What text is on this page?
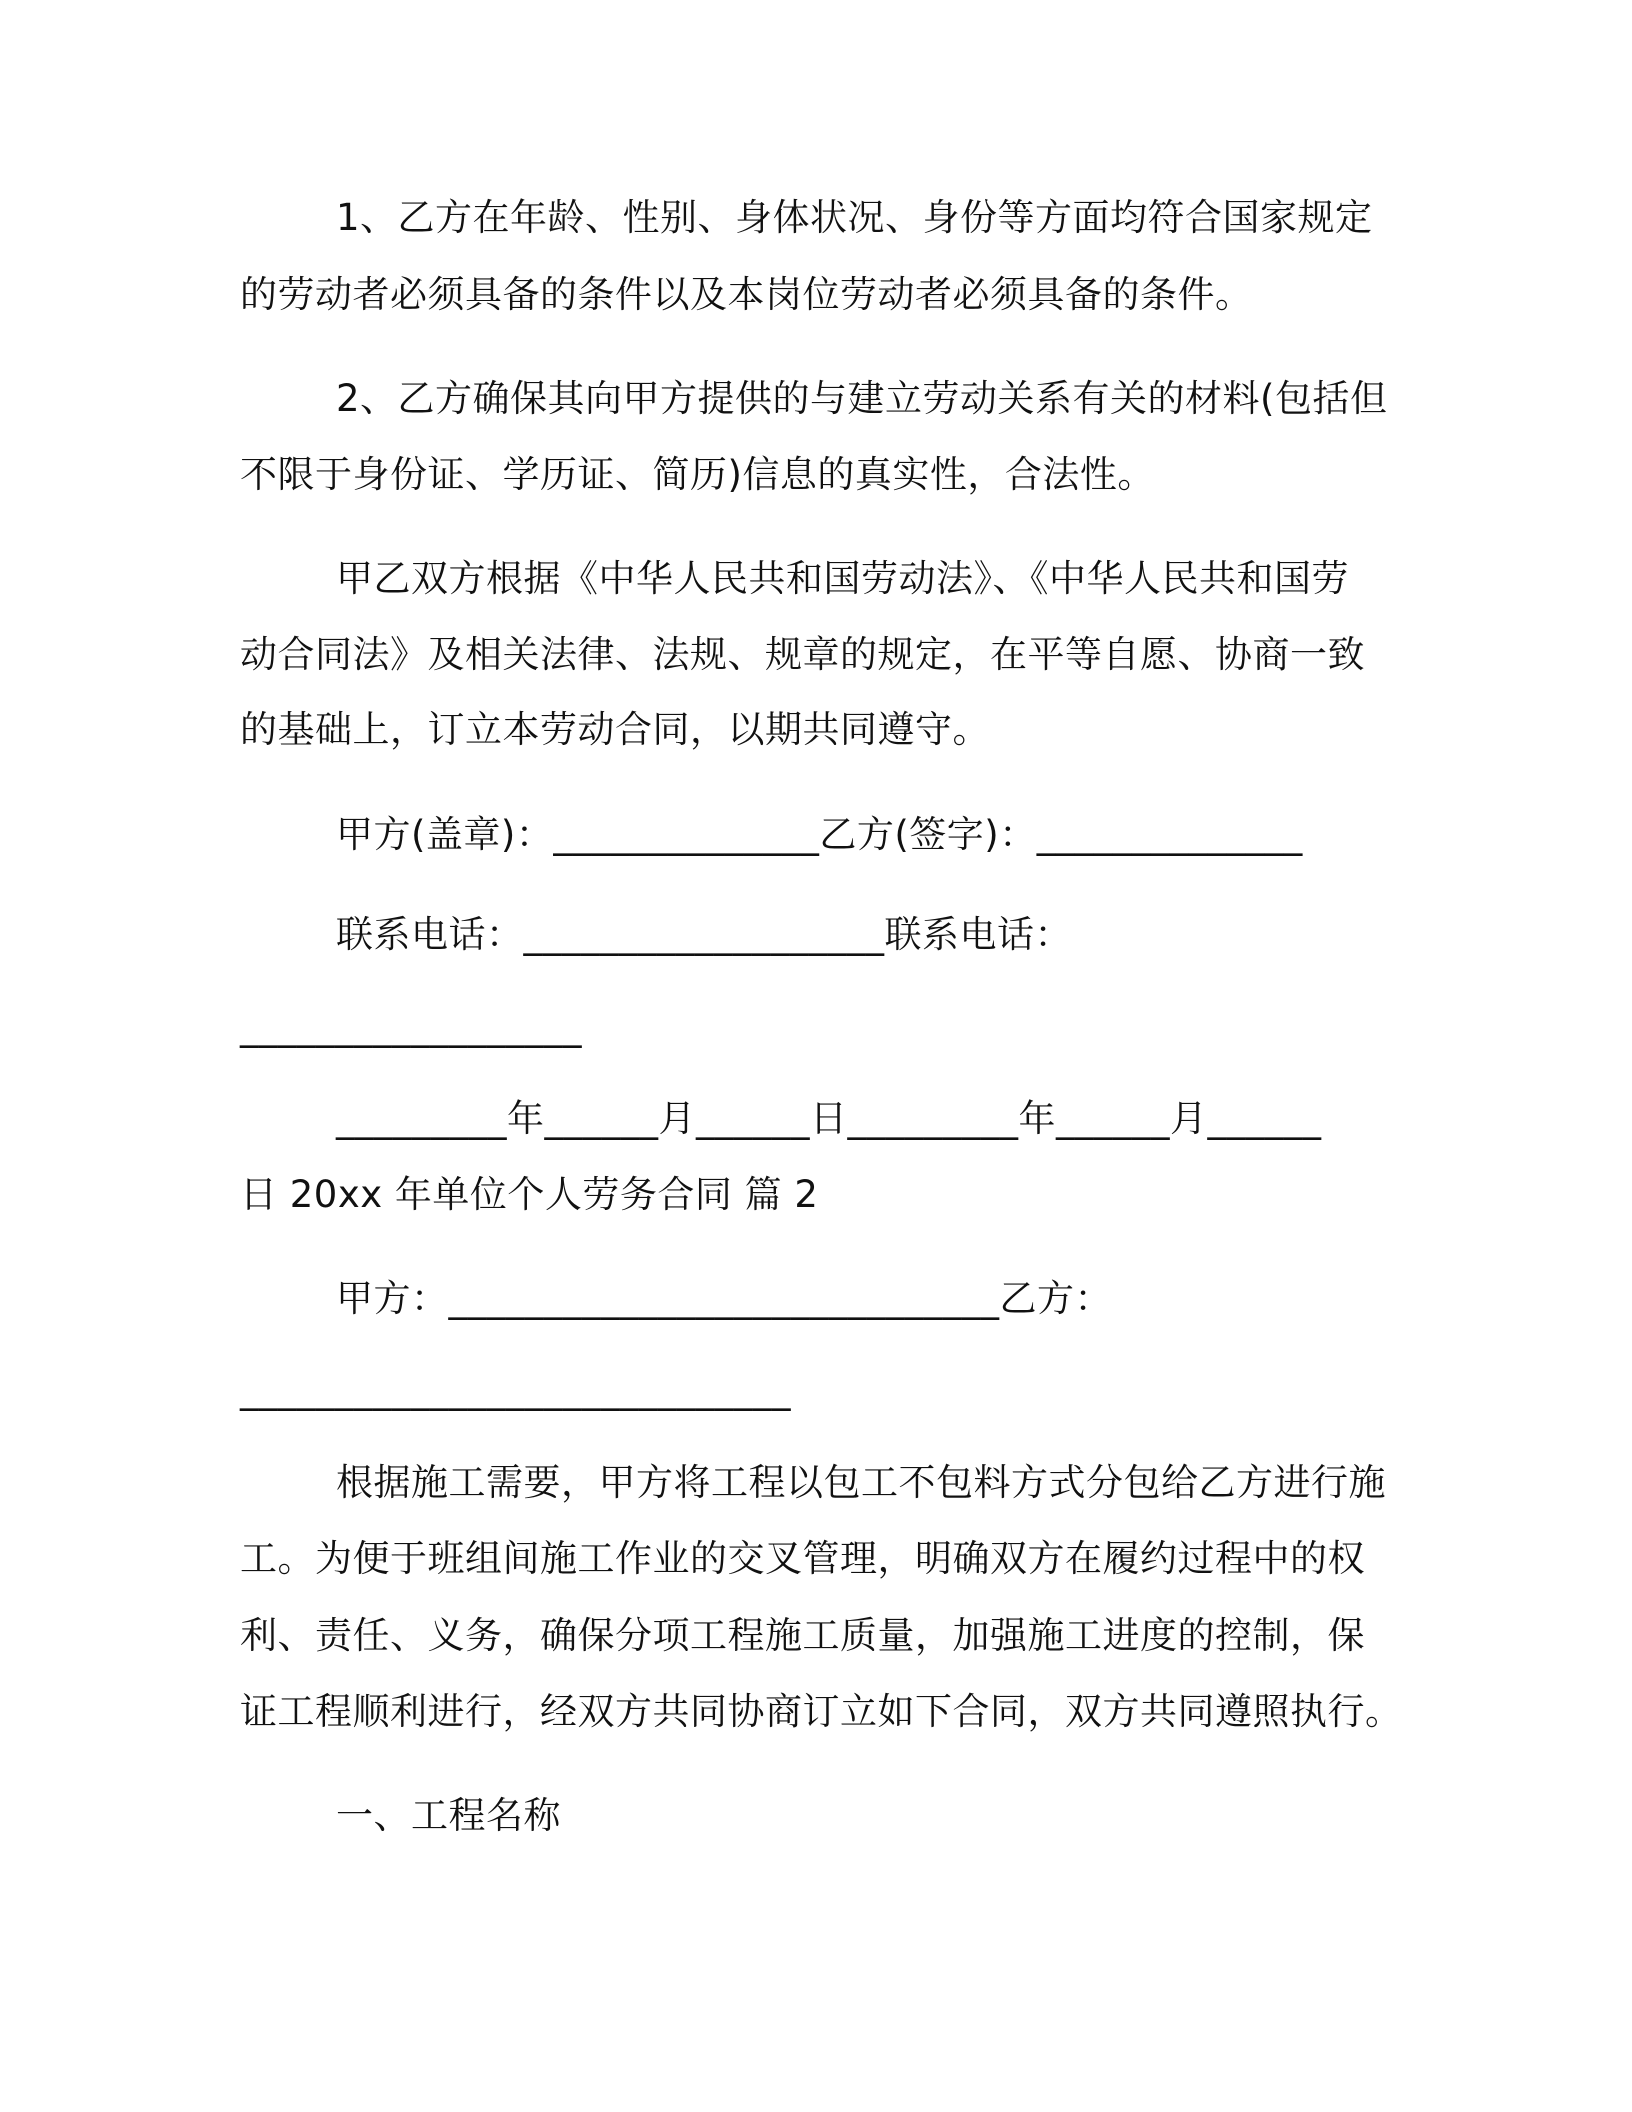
1、乙方在年龄、性别、身体状况、身份等方面均符合国家规定
的劳动者必须具备的条件以及本岗位劳动者必须具备的条件。
2、乙方确保其向甲方提供的与建立劳动关系有关的材料(包括但
不限于身份证、学历证、简历)信息的真实性，合法性。
甲乙双方根据《中华人民共和国劳动法》、《中华人民共和国劳
动合同法》及相关法律、法规、规章的规定，在平等自愿、协商一致
的基础上，订立本劳动合同，以期共同遵守。
甲方(盖章)：______________乙方(签字)：______________
联系电话：___________________联系电话：
__________________
_________年______月______日_________年______月______
日 20xx 年单位个人劳务合同 篇 2
甲方：_____________________________乙方：
_____________________________
根据施工需要，甲方将工程以包工不包料方式分包给乙方进行施
工。为便于班组间施工作业的交叉管理，明确双方在履约过程中的权
利、责任、义务，确保分项工程施工质量，加强施工进度的控制，保
证工程顺利进行，经双方共同协商订立如下合同，双方共同遵照执行。
一、工程名称
